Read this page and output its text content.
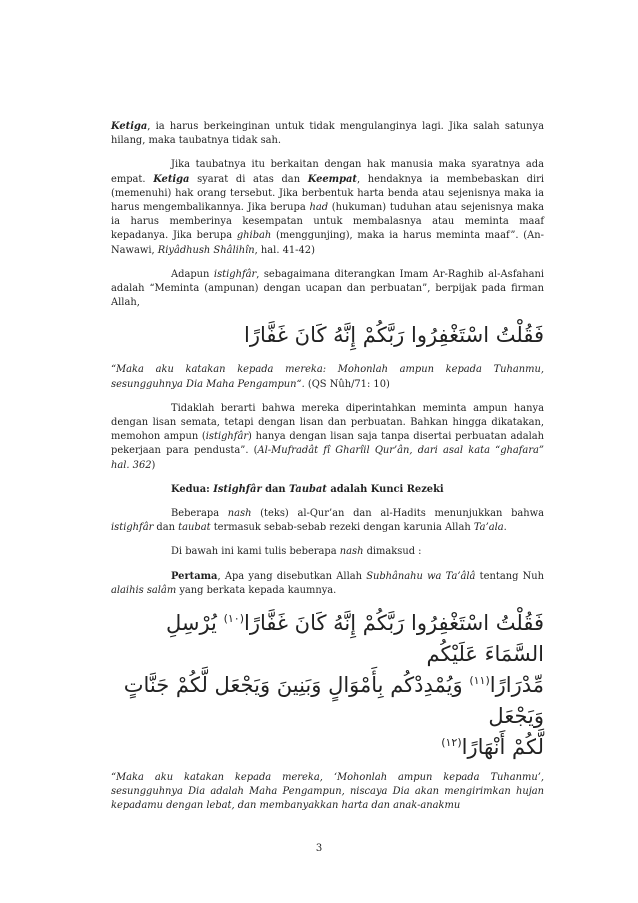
Ketiga, ia harus berkeinginan untuk tidak mengulanginya lagi. Jika salah satunya hilang, maka taubatnya tidak sah.

Jika taubatnya itu berkaitan dengan hak manusia maka syaratnya ada empat. Ketiga syarat di atas dan Keempat, hendaknya ia membebaskan diri (memenuhi) hak orang tersebut. Jika berbentuk harta benda atau sejenisnya maka ia harus mengembalikannya. Jika berupa had (hukuman) tuduhan atau sejenisnya maka ia harus memberinya kesempatan untuk membalasnya atau meminta maaf kepadanya. Jika berupa ghibah (menggunjing), maka ia harus meminta maaf”. (An-Nawawi, Riyâdhush Shâlihîn, hal. 41-42)

Adapun istighfâr, sebagaimana diterangkan Imam Ar-Raghib al-Asfahani adalah “Meminta (ampunan) dengan ucapan dan perbuatan”, berpijak pada firman Allah,

فَقُلْتُ اسْتَغْفِرُوا رَبَّكُمْ إِنَّهُ كَانَ غَفَّارًا

“Maka aku katakan kepada mereka: Mohonlah ampun kepada Tuhanmu, sesungguhnya Dia Maha Pengampun“. (QS Nûh/71: 10)

Tidaklah berarti bahwa mereka diperintahkan meminta ampun hanya dengan lisan semata, tetapi dengan lisan dan perbuatan. Bahkan hingga dikatakan, memohon ampun (istighfâr) hanya dengan lisan saja tanpa disertai perbuatan adalah pekerjaan para pendusta”. (Al-Mufradât fî Gharîil Qur’ân, dari asal kata “ghafara” hal. 362)

Kedua: Istighfâr dan Taubat adalah Kunci Rezeki

Beberapa nash (teks) al-Qur’an dan al-Hadits menunjukkan bahwa istighfâr dan taubat termasuk sebab-sebab rezeki dengan karunia Allah Ta’ala.

Di bawah ini kami tulis beberapa nash dimaksud :

Pertama, Apa yang disebutkan Allah Subhânahu wa Ta’âlâ tentang Nuh alaihis salâm yang berkata kepada kaumnya.

فَقُلْتُ اسْتَغْفِرُوا رَبَّكُمْ إِنَّهُ كَانَ غَفَّارًا$^{(١٠)}$ يُرْسِلِ السَّمَاءَ عَلَيْكُم
مِّدْرَارًا$^{(١١)}$ وَيُمْدِدْكُم بِأَمْوَالٍ وَبَنِينَ وَيَجْعَل لَّكُمْ جَنَّاتٍ وَيَجْعَل
لَّكُمْ أَنْهَارًا$^{(١٢)}$

“Maka aku katakan kepada mereka, ‘Mohonlah ampun kepada Tuhanmu’, sesungguhnya Dia adalah Maha Pengampun, niscaya Dia akan mengirimkan hujan kepadamu dengan lebat, dan membanyakkan harta dan anak-anakmu

3
